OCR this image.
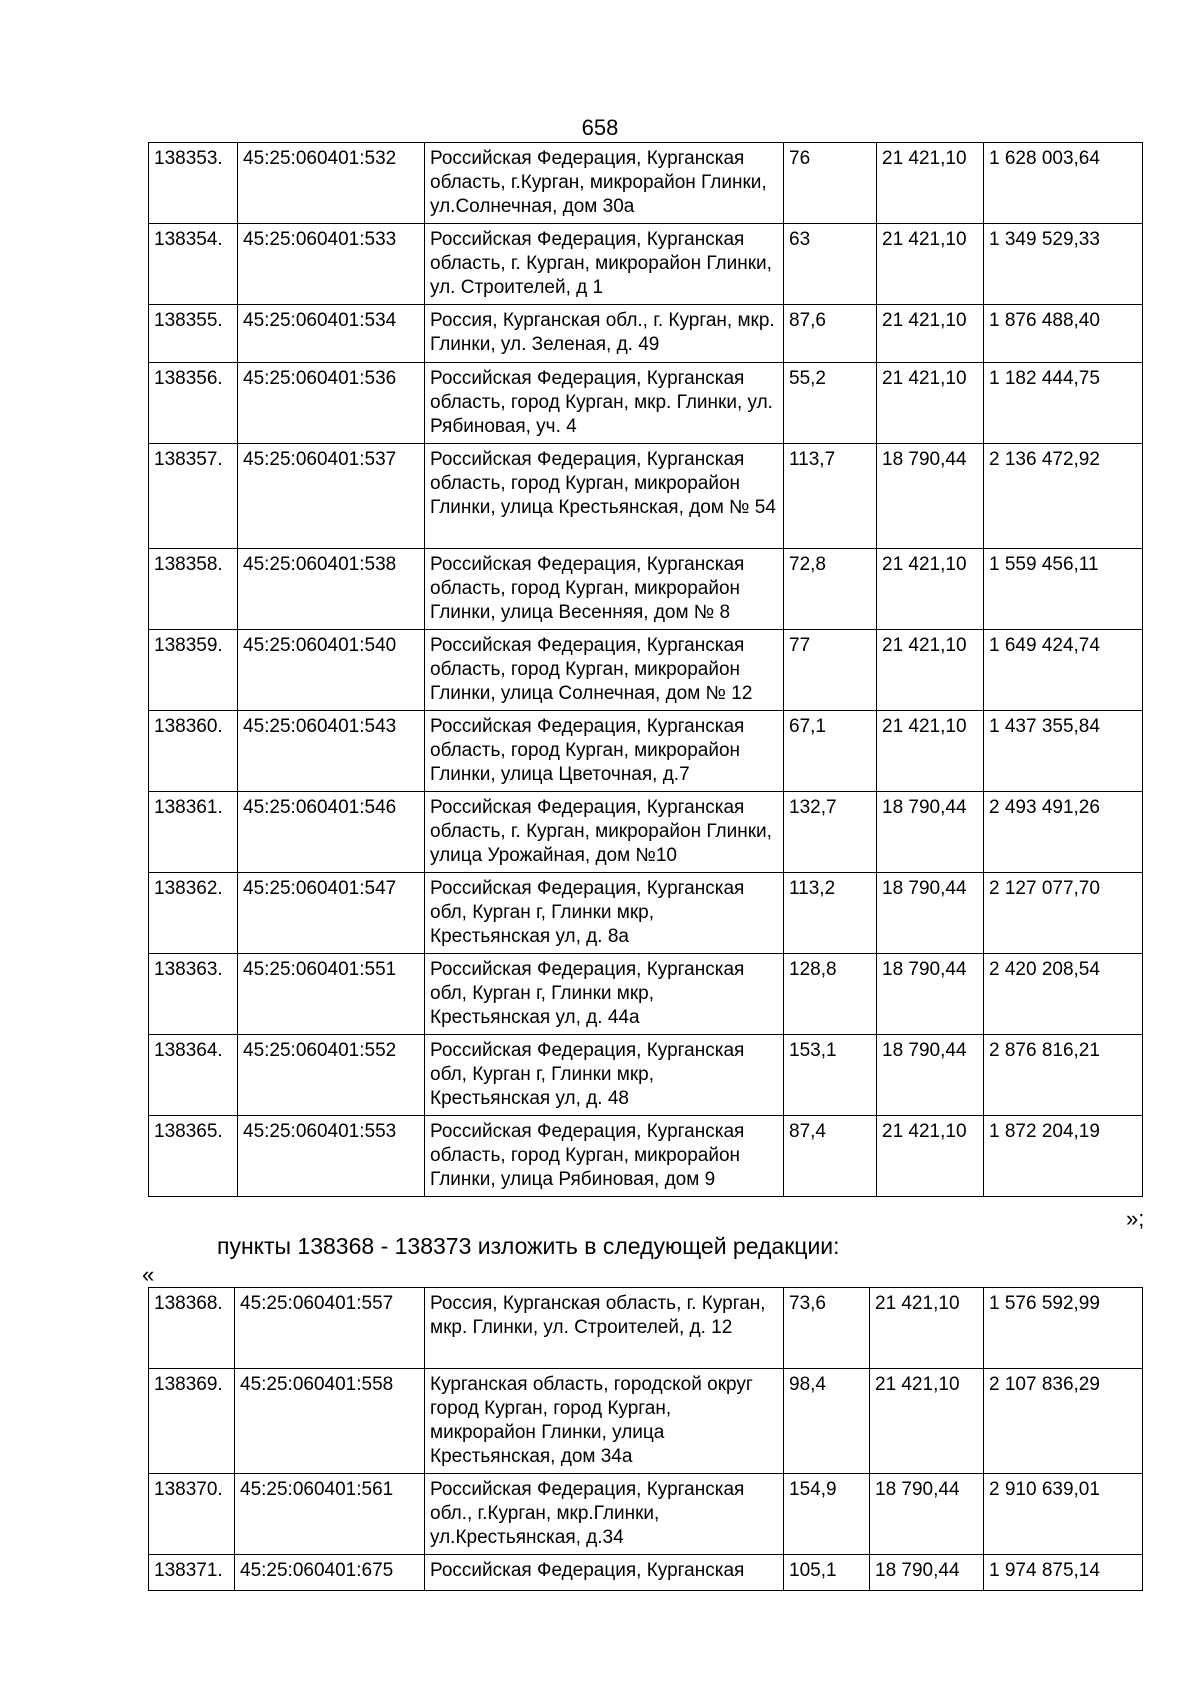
658
138353.	45:25:060401:532	Российская Федерация, Курганская область, г.Курган, микрорайон Глинки, ул.Солнечная, дом 30а	76	21 421,10	1 628 003,64
138354.	45:25:060401:533	Российская Федерация, Курганская область, г. Курган, микрорайон Глинки, ул. Строителей, д 1	63	21 421,10	1 349 529,33
138355.	45:25:060401:534	Россия, Курганская обл., г. Курган, мкр. Глинки, ул. Зеленая, д. 49	87,6	21 421,10	1 876 488,40
138356.	45:25:060401:536	Российская Федерация, Курганская область, город Курган, мкр. Глинки, ул. Рябиновая, уч. 4	55,2	21 421,10	1 182 444,75
138357.	45:25:060401:537	Российская Федерация, Курганская область, город Курган, микрорайон Глинки, улица Крестьянская, дом № 54	113,7	18 790,44	2 136 472,92
138358.	45:25:060401:538	Российская Федерация, Курганская область, город Курган, микрорайон Глинки, улица Весенняя, дом № 8	72,8	21 421,10	1 559 456,11
138359.	45:25:060401:540	Российская Федерация, Курганская область, город Курган, микрорайон Глинки, улица Солнечная, дом № 12	77	21 421,10	1 649 424,74
138360.	45:25:060401:543	Российская Федерация, Курганская область, город Курган, микрорайон Глинки, улица Цветочная, д.7	67,1	21 421,10	1 437 355,84
138361.	45:25:060401:546	Российская Федерация, Курганская область, г. Курган, микрорайон Глинки, улица Урожайная, дом №10	132,7	18 790,44	2 493 491,26
138362.	45:25:060401:547	Российская Федерация, Курганская обл, Курган г, Глинки мкр, Крестьянская ул, д. 8а	113,2	18 790,44	2 127 077,70
138363.	45:25:060401:551	Российская Федерация, Курганская обл, Курган г, Глинки мкр, Крестьянская ул, д. 44а	128,8	18 790,44	2 420 208,54
138364.	45:25:060401:552	Российская Федерация, Курганская обл, Курган г, Глинки мкр, Крестьянская ул, д. 48	153,1	18 790,44	2 876 816,21
138365.	45:25:060401:553	Российская Федерация, Курганская область, город Курган, микрорайон Глинки, улица Рябиновая, дом 9	87,4	21 421,10	1 872 204,19
»;
пункты 138368 - 138373 изложить в следующей редакции:
«
138368.	45:25:060401:557	Россия, Курганская область, г. Курган, мкр. Глинки, ул. Строителей, д. 12	73,6	21 421,10	1 576 592,99
138369.	45:25:060401:558	Курганская область, городской округ город Курган, город Курган, микрорайон Глинки, улица Крестьянская, дом 34а	98,4	21 421,10	2 107 836,29
138370.	45:25:060401:561	Российская Федерация, Курганская обл., г.Курган, мкр.Глинки, ул.Крестьянская, д.34	154,9	18 790,44	2 910 639,01
138371.	45:25:060401:675	Российская Федерация, Курганская	105,1	18 790,44	1 974 875,14
